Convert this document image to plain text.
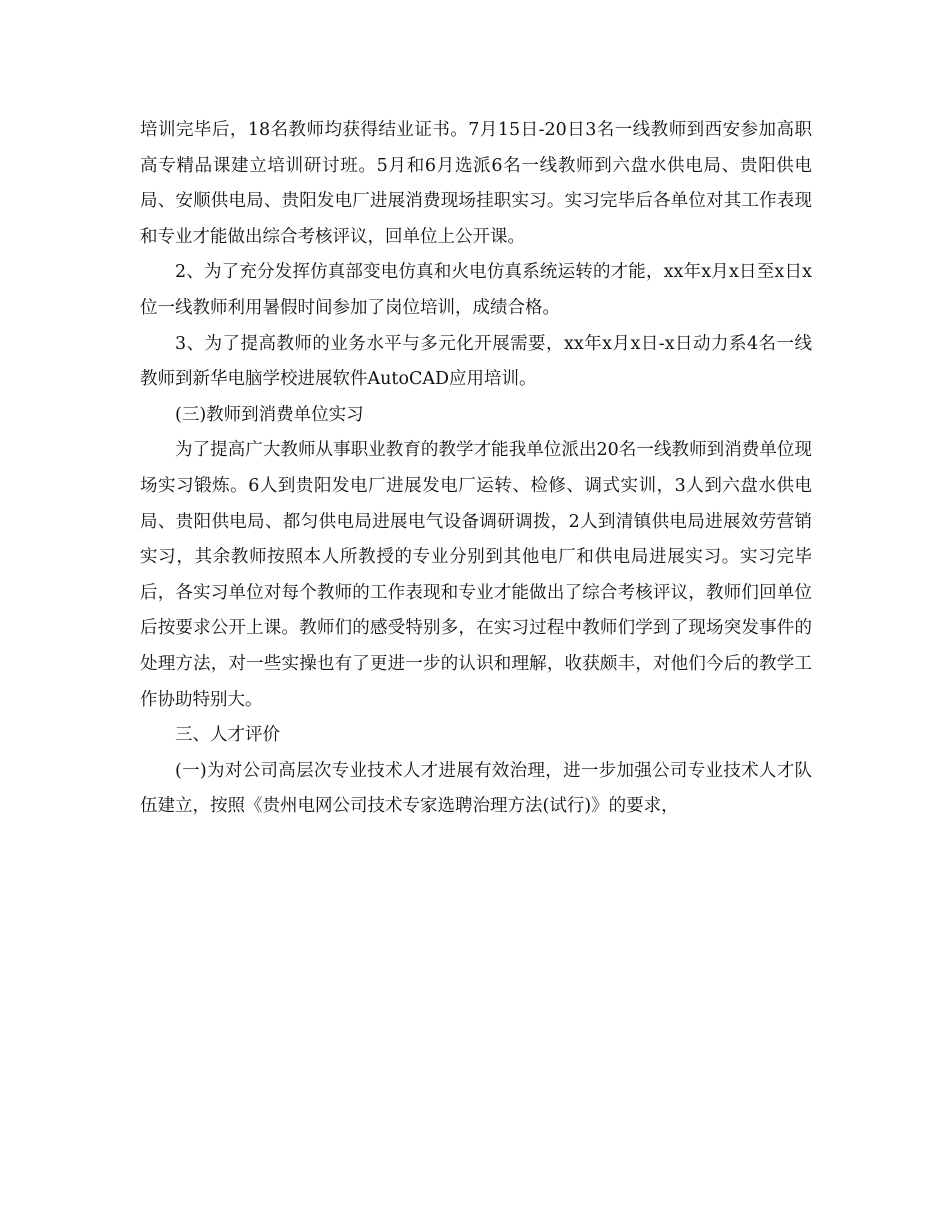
培训完毕后，18名教师均获得结业证书。7月15日-20日3名一线教师到西安参加高职高专精品课建立培训研讨班。5月和6月选派6名一线教师到六盘水供电局、贵阳供电局、安顺供电局、贵阳发电厂进展消费现场挂职实习。实习完毕后各单位对其工作表现和专业才能做出综合考核评议，回单位上公开课。

2、为了充分发挥仿真部变电仿真和火电仿真系统运转的才能，xx年x月x日至x日x位一线教师利用暑假时间参加了岗位培训，成绩合格。

3、为了提高教师的业务水平与多元化开展需要，xx年x月x日-x日动力系4名一线教师到新华电脑学校进展软件AutoCAD应用培训。

(三)教师到消费单位实习

为了提高广大教师从事职业教育的教学才能我单位派出20名一线教师到消费单位现场实习锻炼。6人到贵阳发电厂进展发电厂运转、检修、调式实训，3人到六盘水供电局、贵阳供电局、都匀供电局进展电气设备调研调拨，2人到清镇供电局进展效劳营销实习，其余教师按照本人所教授的专业分别到其他电厂和供电局进展实习。实习完毕后，各实习单位对每个教师的工作表现和专业才能做出了综合考核评议，教师们回单位后按要求公开上课。教师们的感受特别多，在实习过程中教师们学到了现场突发事件的处理方法，对一些实操也有了更进一步的认识和理解，收获颇丰，对他们今后的教学工作协助特别大。

三、人才评价

(一)为对公司高层次专业技术人才进展有效治理，进一步加强公司专业技术人才队伍建立，按照《贵州电网公司技术专家选聘治理方法(试行)》的要求，
